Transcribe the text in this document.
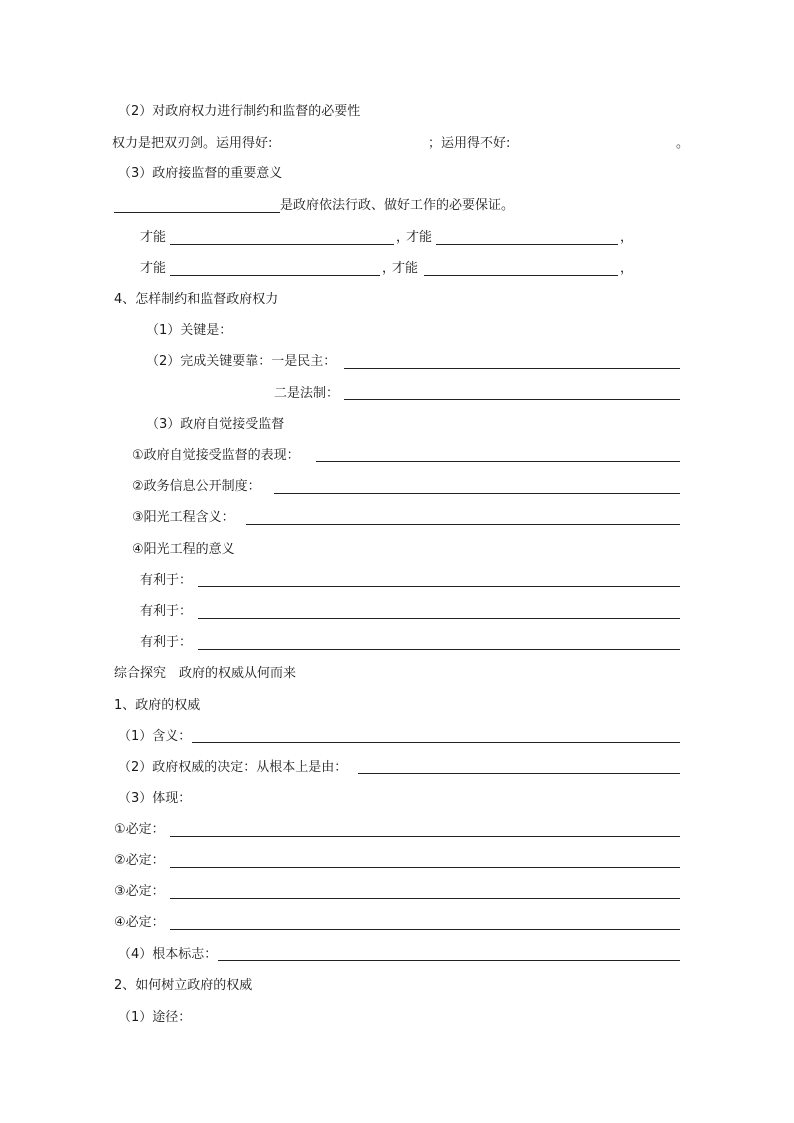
（2）对政府权力进行制约和监督的必要性
权力是把双刃剑。运用得好:	；运用得不好:	。
（3）政府接监督的重要意义
是政府依法行政、做好工作的必要保证。
才能	，
才能	，
才能	，
才能	，
4、怎样制约和监督政府权力
（1）关键是：
（2）完成关键要靠：一是民主：
二是法制：
（3）政府自觉接受监督
①政府自觉接受监督的表现：
②政务信息公开制度：
③阳光工程含义：
④阳光工程的意义
有利于：
有利于：
有利于：
综合探究　政府的权威从何而来
1、政府的权威
（1）含义：
（2）政府权威的决定：从根本上是由：
（3）体现：
①必定：
②必定：
③必定：
④必定：
（4）根本标志：
2、如何树立政府的权威
（1）途径：
